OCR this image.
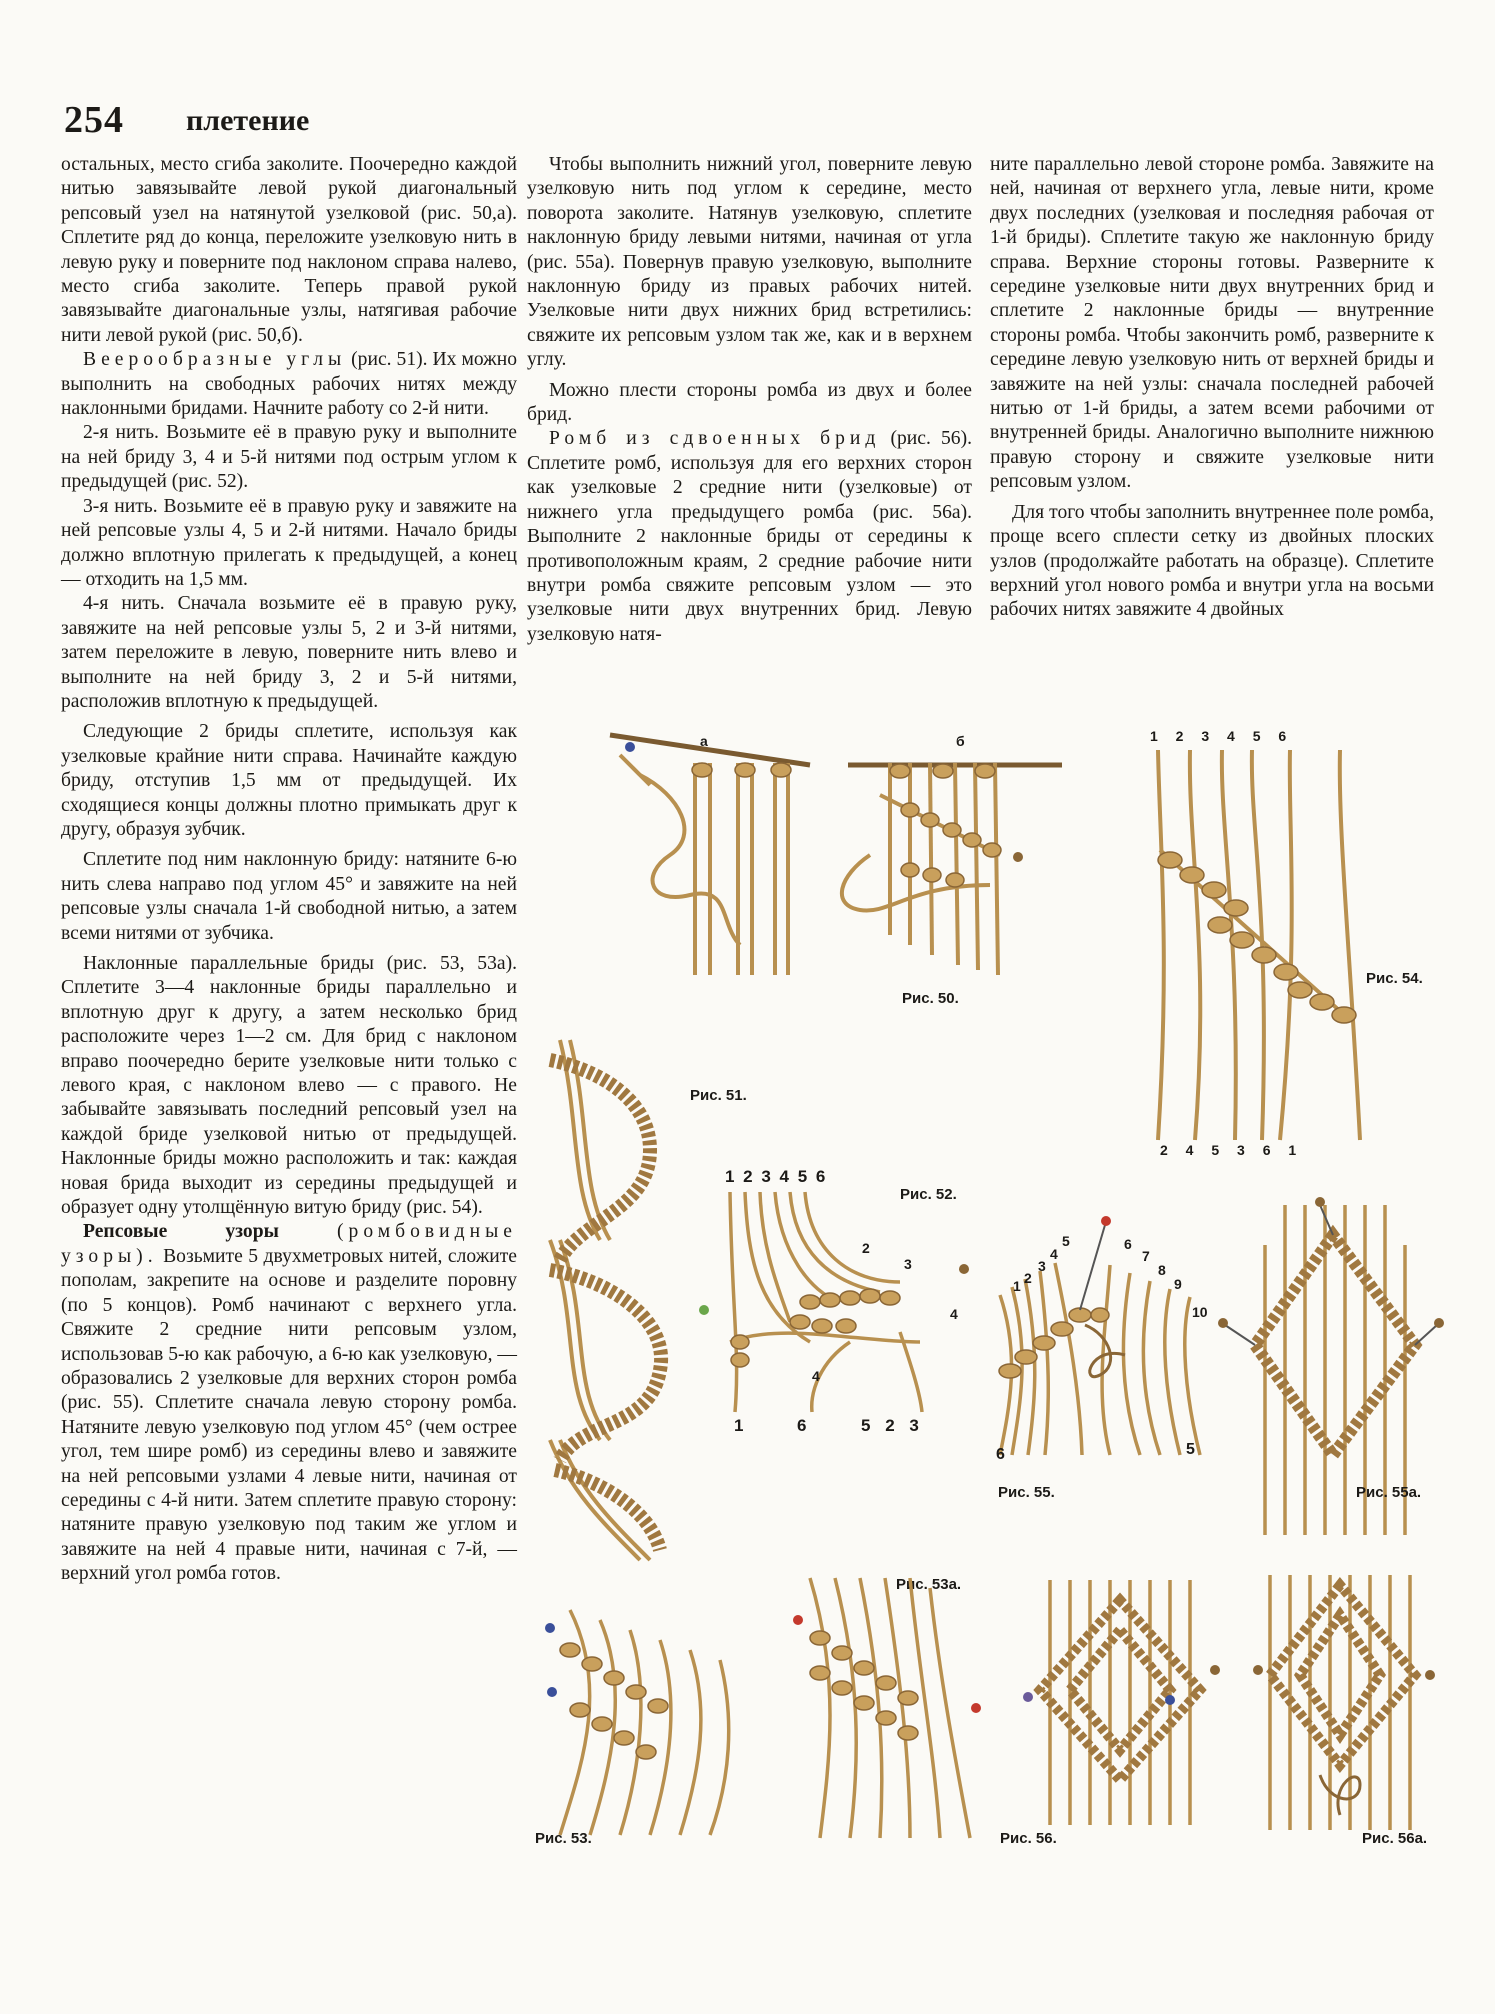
254 плетение

остальных, место сгиба заколите. Поочередно каждой нитью завязывайте левой рукой диагональный репсовый узел на натянутой узелковой (рис. 50,а). Сплетите ряд до конца, переложите узелковую нить в левую руку и поверните под наклоном справа налево, место сгиба заколите. Теперь правой рукой завязывайте диагональные узлы, натягивая рабочие нити левой рукой (рис. 50,б).

Веерообразные углы (рис. 51). Их можно выполнить на свободных рабочих нитях между наклонными бридами. Начните работу со 2-й нити.

2-я нить. Возьмите её в правую руку и выполните на ней бриду 3, 4 и 5-й нитями под острым углом к предыдущей (рис. 52).

3-я нить. Возьмите её в правую руку и завяжите на ней репсовые узлы 4, 5 и 2-й нитями. Начало бриды должно вплотную прилегать к предыдущей, а конец — отходить на 1,5 мм.

4-я нить. Сначала возьмите её в правую руку, завяжите на ней репсовые узлы 5, 2 и 3-й нитями, затем переложите в левую, поверните нить влево и выполните на ней бриду 3, 2 и 5-й нитями, расположив вплотную к предыдущей.

Следующие 2 бриды сплетите, используя как узелковые крайние нити справа. Начинайте каждую бриду, отступив 1,5 мм от предыдущей. Их сходящиеся концы должны плотно примыкать друг к другу, образуя зубчик.

Сплетите под ним наклонную бриду: натяните 6-ю нить слева направо под углом 45° и завяжите на ней репсовые узлы сначала 1-й свободной нитью, а затем всеми нитями от зубчика.

Наклонные параллельные бриды (рис. 53, 53а). Сплетите 3—4 наклонные бриды параллельно и вплотную друг к другу, а затем несколько брид расположите через 1—2 см. Для брид с наклоном вправо поочередно берите узелковые нити только с левого края, с наклоном влево — с правого. Не забывайте завязывать последний репсовый узел на каждой бриде узелковой нитью от предыдущей. Наклонные бриды можно расположить и так: каждая новая брида выходит из середины предыдущей и образует одну утолщённую витую бриду (рис. 54).

Репсовые узоры	(ромбовидные узоры). Возьмите 5 двухметровых нитей, сложите пополам, закрепите на основе и разделите поровну (по 5 концов). Ромб начинают с верхнего угла. Свяжите 2 средние нити репсовым узлом, использовав 5-ю как рабочую, а 6-ю как узелковую, — образовались 2 узелковые для верхних сторон ромба (рис. 55). Сплетите сначала левую сторону ромба. Натяните левую узелковую под углом 45° (чем острее угол, тем шире ромб) из середины влево и завяжите на ней репсовыми узлами 4 левые нити, начиная от середины с 4-й нити. Затем сплетите правую сторону: натяните правую узелковую под таким же углом и завяжите на ней 4 правые нити, начиная с 7-й, — верхний угол ромба готов.

Чтобы выполнить нижний угол, поверните левую узелковую нить под углом к середине, место поворота заколите. Натянув узелковую, сплетите наклонную бриду левыми нитями, начиная от угла (рис. 55а). Повернув правую узелковую, выполните наклонную бриду из правых рабочих нитей. Узелковые нити двух нижних брид встретились: свяжите их репсовым узлом так же, как и в верхнем углу.

Можно плести стороны ромба из двух и более брид.

Ромб из сдвоенных брид (рис. 56). Сплетите ромб, используя для его верхних сторон как узелковые 2 средние нити (узелковые) от нижнего угла предыдущего ромба (рис. 56а). Выполните 2 наклонные бриды от середины к противоположным краям, 2 средние рабочие нити внутри ромба свяжите репсовым узлом — это узелковые нити двух внутренних брид. Левую узелковую натя-

ните параллельно левой стороне ромба. Завяжите на ней, начиная от верхнего угла, левые нити, кроме двух последних (узелковая и последняя рабочая от 1-й бриды). Сплетите такую же наклонную бриду справа. Верхние стороны готовы. Разверните к середине узелковые нити двух внутренних брид и сплетите 2 наклонные бриды — внутренние стороны ромба. Чтобы закончить ромб, разверните к середине левую узелковую нить от верхней бриды и завяжите на ней узлы: сначала последней рабочей нитью от 1-й бриды, а затем всеми рабочими от внутренней бриды. Аналогично выполните нижнюю правую сторону и свяжите узелковые нити репсовым узлом.

Для того чтобы заполнить внутреннее поле ромба, проще всего сплести сетку из двойных плоских узлов (продолжайте работать на образце). Сплетите верхний угол нового ромба и внутри угла на восьми рабочих нитях завяжите 4 двойных

а	б
Рис. 50.
1 2 3 4 5 6
2 4 5 3 6 1
Рис. 54.
Рис. 51.
1 2 3 4 5 6
Рис. 52.
2
3
4
4
1	6	5 2 3
1 2
3
4
5	6
7
8
9
10
6	5
Рис. 55.	Рис. 55а.
Рис. 53а.
Рис. 53.	Рис. 56.	Рис. 56а.
